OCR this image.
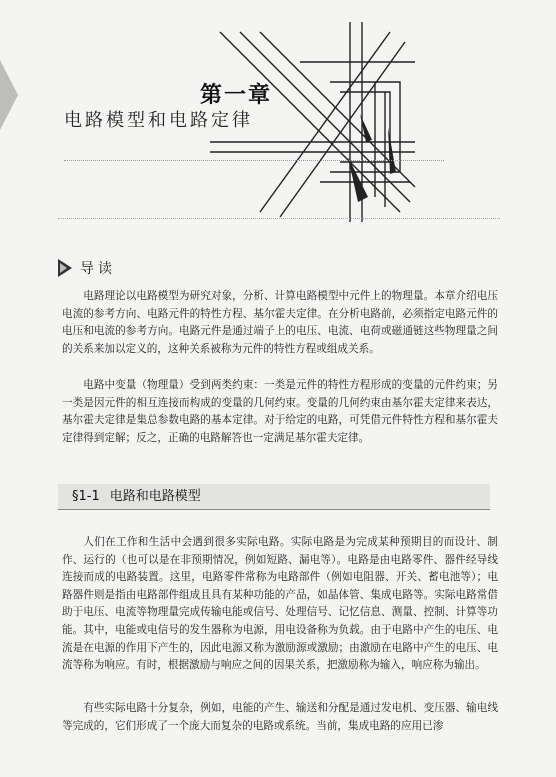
第一章
电路模型和电路定律
导读

电路理论以电路模型为研究对象，分析、计算电路模型中元件上的物理量。本章介绍电压电流的参考方向、电路元件的特性方程、基尔霍夫定律。在分析电路前，必须指定电路元件的电压和电流的参考方向。电路元件是通过端子上的电压、电流、电荷或磁通链这些物理量之间的关系来加以定义的，这种关系被称为元件的特性方程或组成关系。

电路中变量（物理量）受到两类约束：一类是元件的特性方程形成的变量的元件约束；另一类是因元件的相互连接而构成的变量的几何约束。变量的几何约束由基尔霍夫定律来表达，基尔霍夫定律是集总参数电路的基本定律。对于给定的电路，可凭借元件特性方程和基尔霍夫定律得到定解；反之，正确的电路解答也一定满足基尔霍夫定律。

§1-1 电路和电路模型

人们在工作和生活中会遇到很多实际电路。实际电路是为完成某种预期目的而设计、制作、运行的（也可以是在非预期情况，例如短路、漏电等）。电路是由电路零件、器件经导线连接而成的电路装置。这里，电路零件常称为电路部件（例如电阻器、开关、蓄电池等）；电路器件则是指由电路部件组成且具有某种功能的产品，如晶体管、集成电路等。实际电路常借助于电压、电流等物理量完成传输电能或信号、处理信号、记忆信息、测量、控制、计算等功能。其中，电能或电信号的发生器称为电源，用电设备称为负载。由于电路中产生的电压、电流是在电源的作用下产生的，因此电源又称为激励源或激励；由激励在电路中产生的电压、电流等称为响应。有时，根据激励与响应之间的因果关系，把激励称为输入，响应称为输出。

有些实际电路十分复杂，例如，电能的产生、输送和分配是通过发电机、变压器、输电线等完成的，它们形成了一个庞大而复杂的电路或系统。当前，集成电路的应用已渗
